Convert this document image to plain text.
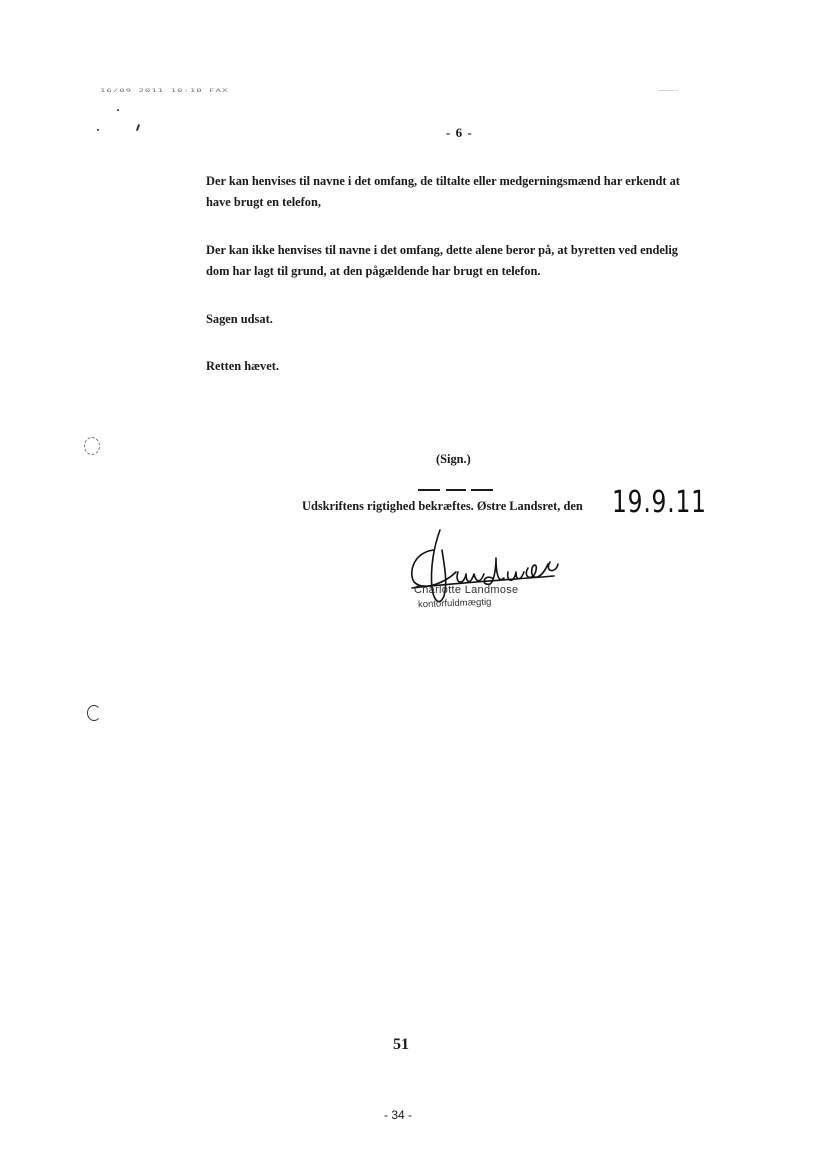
16/09 2011 10:10 FAX	—––·
- 6 -
Der kan henvises til navne i det omfang, de tiltalte eller medgerningsmænd har erkendt at
have brugt en telefon,
Der kan ikke henvises til navne i det omfang, dette alene beror på, at byretten ved endelig
dom har lagt til grund, at den pågældende har brugt en telefon.
Sagen udsat.
Retten hævet.
(Sign.)
Udskriftens rigtighed bekræftes. Østre Landsret, den 19.9.11
Charlotte Landmose
kontorfuldmægtig
51
- 34 -
